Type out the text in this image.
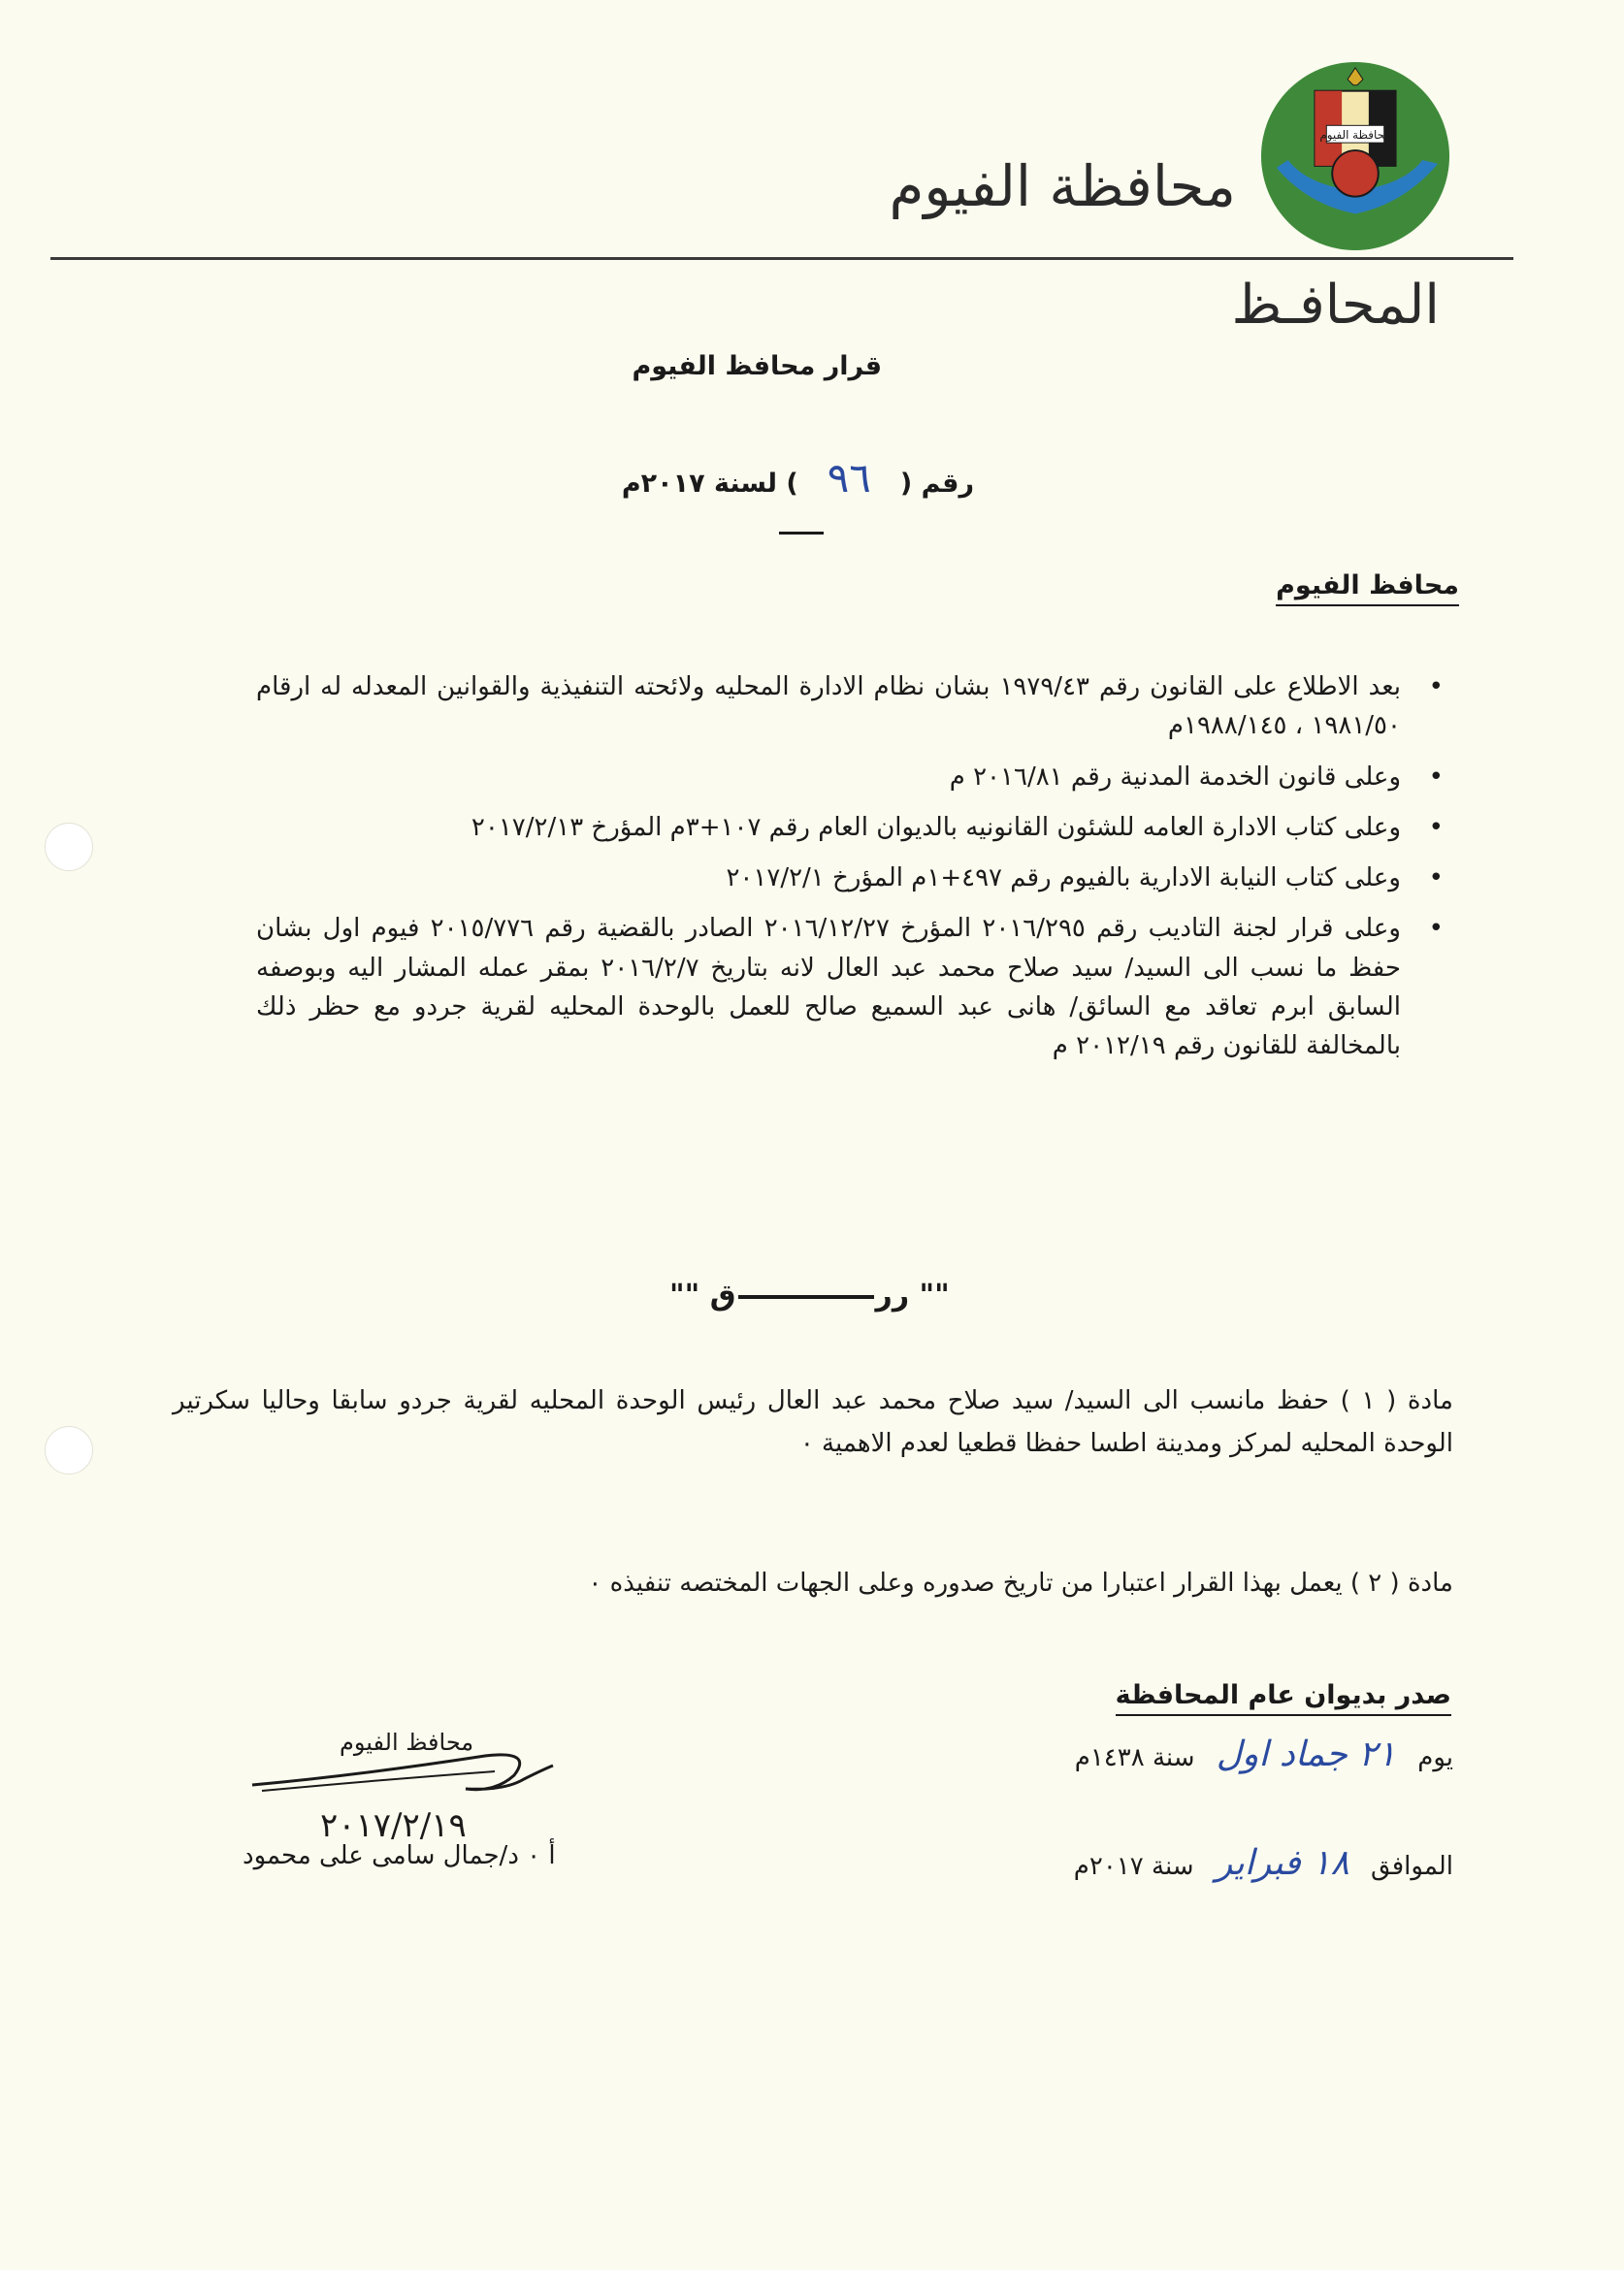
محافظة الفيوم
محافظة الفيوم
المحافـظ
قرار محافظ الفيوم
رقم (٩٦) لسنة ٢٠١٧م
محافظ الفيوم
• بعد الاطلاع على القانون رقم ١٩٧٩/٤٣ بشان نظام الادارة المحليه ولائحته التنفيذية والقوانين المعدله له ارقام ١٩٨١/٥٠ ، ١٩٨٨/١٤٥م
• وعلى قانون الخدمة المدنية رقم ٢٠١٦/٨١ م
• وعلى كتاب الادارة العامه للشئون القانونيه بالديوان العام رقم ١٠٧+٣م المؤرخ ٢٠١٧/٢/١٣
• وعلى كتاب النيابة الادارية بالفيوم رقم ٤٩٧+١م المؤرخ ٢٠١٧/٢/١
• وعلى قرار لجنة التاديب رقم ٢٠١٦/٢٩٥ المؤرخ ٢٠١٦/١٢/٢٧ الصادر بالقضية رقم ٢٠١٥/٧٧٦ فيوم اول بشان حفظ ما نسب الى السيد/ سيد صلاح محمد عبد العال لانه بتاريخ ٢٠١٦/٢/٧ بمقر عمله المشار اليه وبوصفه السابق ابرم تعاقد مع السائق/ هانى عبد السميع صالح للعمل بالوحدة المحليه لقرية جردو مع حظر ذلك بالمخالفة للقانون رقم ٢٠١٢/١٩ م
""	ررق	""
مادة ( ١ ) حفظ مانسب الى السيد/ سيد صلاح محمد عبد العال رئيس الوحدة المحليه لقرية جردو سابقا وحاليا سكرتير الوحدة المحليه لمركز ومدينة اطسا حفظا قطعيا لعدم الاهمية ٠
مادة ( ٢ ) يعمل بهذا القرار اعتبارا من تاريخ صدوره وعلى الجهات المختصه تنفيذه ٠
صدر بديوان عام المحافظة
يوم ٢١ جماد اول سنة ١٤٣٨م
الموافق ١٨ فبراير سنة ٢٠١٧م
محافظ الفيوم
٢٠١٧/٢/١٩
أ ٠ د/جمال سامى على محمود
